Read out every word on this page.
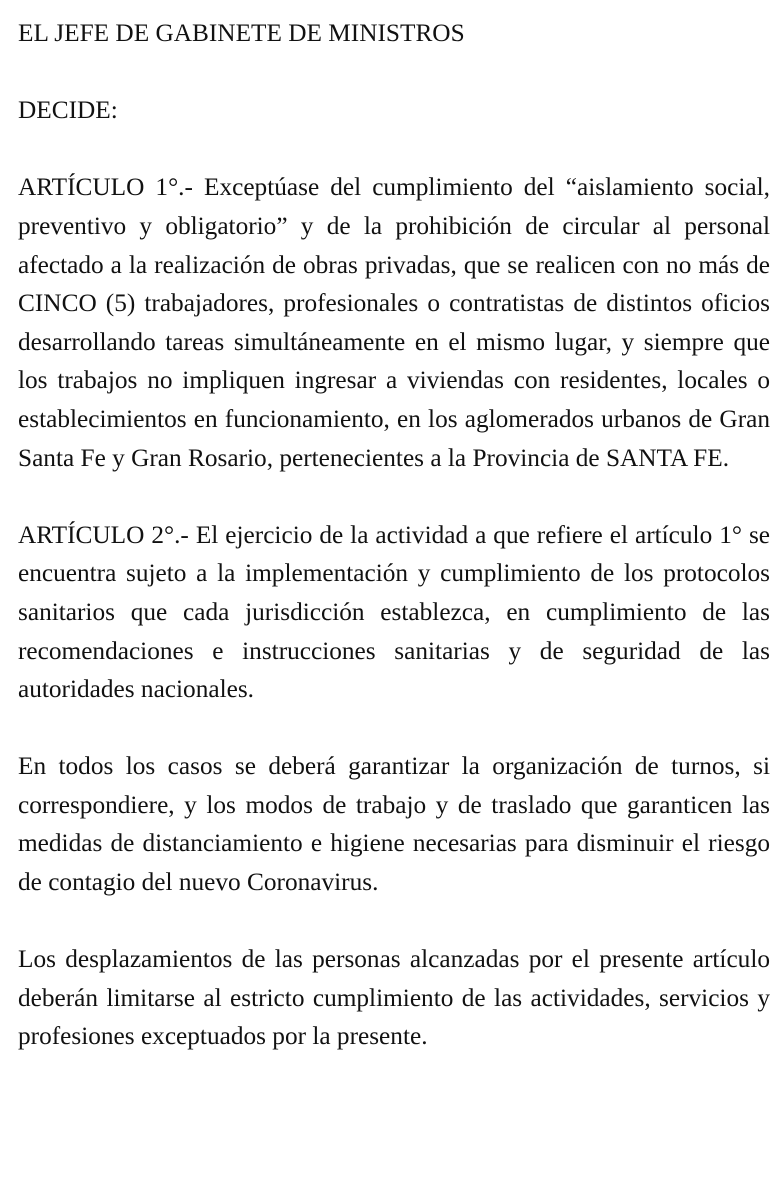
EL JEFE DE GABINETE DE MINISTROS

DECIDE:

ARTÍCULO 1°.- Exceptúase del cumplimiento del “aislamiento social, preventivo y obligatorio” y de la prohibición de circular al personal afectado a la realización de obras privadas, que se realicen con no más de CINCO (5) trabajadores, profesionales o contratistas de distintos oficios desarrollando tareas simultáneamente en el mismo lugar, y siempre que los trabajos no impliquen ingresar a viviendas con residentes, locales o establecimientos en funcionamiento, en los aglomerados urbanos de Gran Santa Fe y Gran Rosario, pertenecientes a la Provincia de SANTA FE.

ARTÍCULO 2°.- El ejercicio de la actividad a que refiere el artículo 1° se encuentra sujeto a la implementación y cumplimiento de los protocolos sanitarios que cada jurisdicción establezca, en cumplimiento de las recomendaciones e instrucciones sanitarias y de seguridad de las autoridades nacionales.

En todos los casos se deberá garantizar la organización de turnos, si correspondiere, y los modos de trabajo y de traslado que garanticen las medidas de distanciamiento e higiene necesarias para disminuir el riesgo de contagio del nuevo Coronavirus.

Los desplazamientos de las personas alcanzadas por el presente artículo deberán limitarse al estricto cumplimiento de las actividades, servicios y profesiones exceptuados por la presente.
